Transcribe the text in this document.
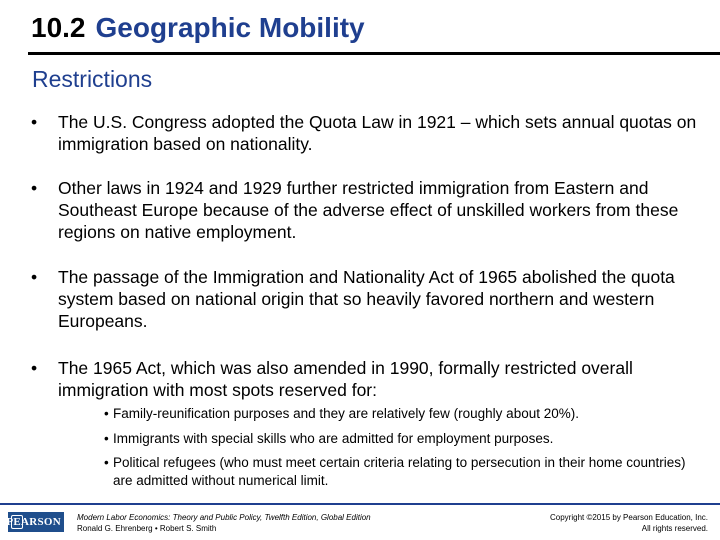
10.2 Geographic Mobility
Restrictions
•	The U.S. Congress adopted the Quota Law in 1921 – which sets annual quotas on immigration based on nationality.
•	Other laws in 1924 and 1929 further restricted immigration from Eastern and Southeast Europe because of the adverse effect of unskilled workers from these regions on native employment.
•	The passage of the Immigration and Nationality Act of 1965 abolished the quota system based on national origin that so heavily favored northern and western Europeans.
•	The 1965 Act, which was also amended in 1990, formally restricted overall immigration with most spots reserved for:
• Family-reunification purposes and they are relatively few (roughly about 20%).
• Immigrants with special skills who are admitted for employment purposes.
• Political refugees (who must meet certain criteria relating to persecution in their home countries) are admitted without numerical limit.
PEARSON Modern Labor Economics: Theory and Public Policy, Twelfth Edition, Global Edition
Ronald G. Ehrenberg • Robert S. Smith
Copyright ©2015 by Pearson Education, Inc.
All rights reserved.
